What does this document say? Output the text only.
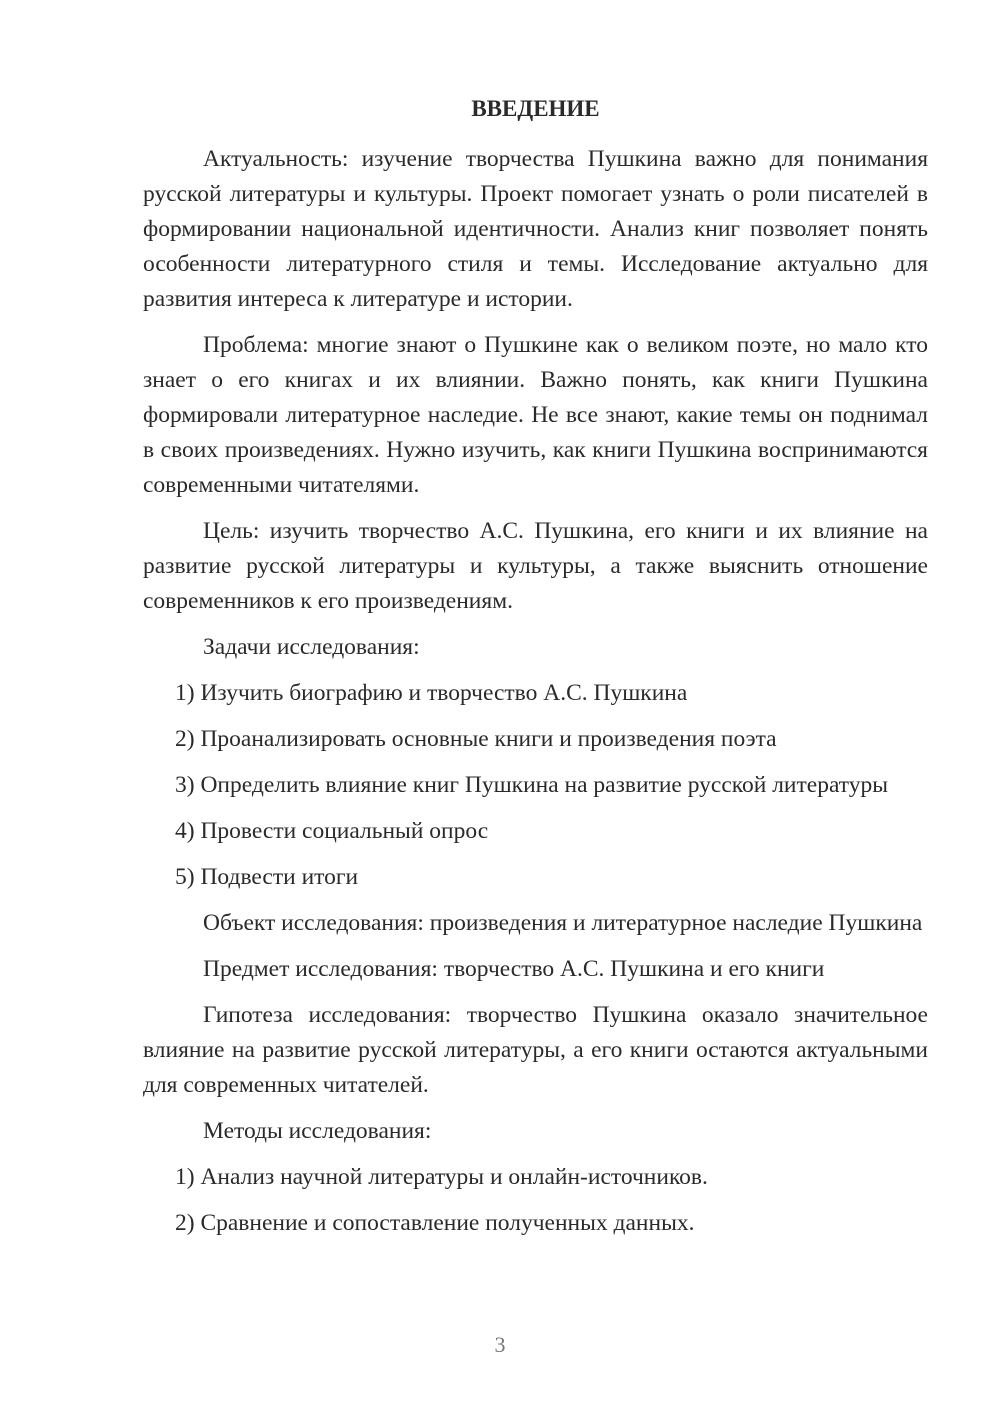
ВВЕДЕНИЕ

Актуальность: изучение творчества Пушкина важно для понимания русской литературы и культуры. Проект помогает узнать о роли писателей в формировании национальной идентичности. Анализ книг позволяет понять особенности литературного стиля и темы. Исследование актуально для развития интереса к литературе и истории.

Проблема: многие знают о Пушкине как о великом поэте, но мало кто знает о его книгах и их влиянии. Важно понять, как книги Пушкина формировали литературное наследие. Не все знают, какие темы он поднимал в своих произведениях. Нужно изучить, как книги Пушкина воспринимаются современными читателями.

Цель: изучить творчество А.С. Пушкина, его книги и их влияние на развитие русской литературы и культуры, а также выяснить отношение современников к его произведениям.

Задачи исследования:

1) Изучить биографию и творчество А.С. Пушкина

2) Проанализировать основные книги и произведения поэта

3) Определить влияние книг Пушкина на развитие русской литературы

4) Провести социальный опрос

5) Подвести итоги

Объект исследования: произведения и литературное наследие Пушкина

Предмет исследования: творчество А.С. Пушкина и его книги

Гипотеза исследования: творчество Пушкина оказало значительное влияние на развитие русской литературы, а его книги остаются актуальными для современных читателей.

Методы исследования:

1) Анализ научной литературы и онлайн-источников.

2) Сравнение и сопоставление полученных данных.

3
